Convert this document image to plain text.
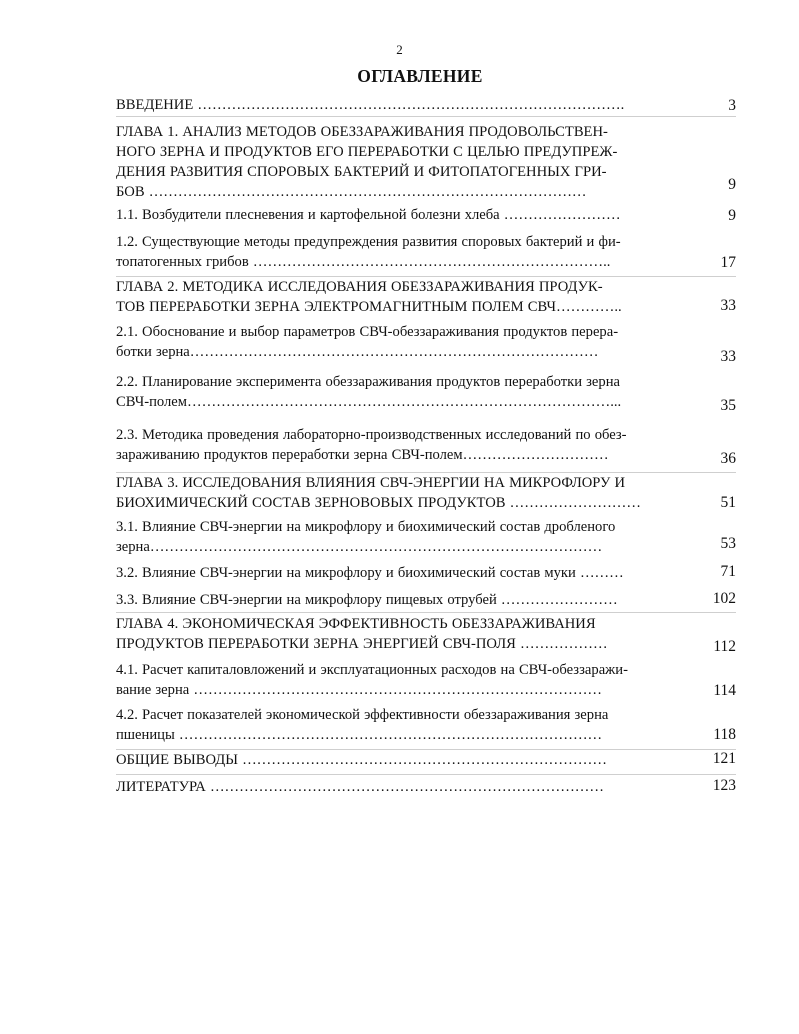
2
ОГЛАВЛЕНИЕ
ВВЕДЕНИЕ …………………………………………………………………………….	3
ГЛАВА 1. АНАЛИЗ МЕТОДОВ ОБЕЗЗАРАЖИВАНИЯ ПРОДОВОЛЬСТВЕН-
НОГО ЗЕРНА И ПРОДУКТОВ ЕГО ПЕРЕРАБОТКИ С ЦЕЛЬЮ ПРЕДУПРЕЖ-
ДЕНИЯ РАЗВИТИЯ СПОРОВЫХ БАКТЕРИЙ И ФИТОПАТОГЕННЫХ ГРИ-
БОВ ………………………………………………………………………………	9
1.1. Возбудители плесневения и картофельной болезни хлеба ……………………	9
1.2. Существующие методы предупреждения развития споровых бактерий и фи-
топатогенных грибов ………………………………………………………………..	17
ГЛАВА 2. МЕТОДИКА ИССЛЕДОВАНИЯ ОБЕЗЗАРАЖИВАНИЯ ПРОДУК-
ТОВ ПЕРЕРАБОТКИ ЗЕРНА ЭЛЕКТРОМАГНИТНЫМ ПОЛЕМ СВЧ…………..	33
2.1. Обоснование и выбор параметров СВЧ-обеззараживания продуктов перера-
ботки зерна…………………………………………………………………………	33
2.2. Планирование эксперимента обеззараживания продуктов переработки зерна
СВЧ-полем……………………………………………………………………………...	35
2.3. Методика проведения лабораторно-производственных исследований по обез-
зараживанию продуктов переработки зерна СВЧ-полем…………………………	36
ГЛАВА 3. ИССЛЕДОВАНИЯ ВЛИЯНИЯ СВЧ-ЭНЕРГИИ НА МИКРОФЛОРУ И
БИОХИМИЧЕСКИЙ СОСТАВ ЗЕРНОВОВЫХ ПРОДУКТОВ ………………………	51
3.1. Влияние СВЧ-энергии на микрофлору и биохимический состав дробленого
зерна…………………………………………………………………………………	53
3.2. Влияние СВЧ-энергии на микрофлору и биохимический состав муки ………	71
3.3. Влияние СВЧ-энергии на микрофлору пищевых отрубей ……………………	102
ГЛАВА 4. ЭКОНОМИЧЕСКАЯ ЭФФЕКТИВНОСТЬ ОБЕЗЗАРАЖИВАНИЯ
ПРОДУКТОВ ПЕРЕРАБОТКИ ЗЕРНА ЭНЕРГИЕЙ СВЧ-ПОЛЯ ………………	112
4.1. Расчет капиталовложений и эксплуатационных расходов на СВЧ-обеззаражи-
вание зерна …………………………………………………………………………	114
4.2. Расчет показателей экономической эффективности обеззараживания зерна
пшеницы ……………………………………………………………………………	118
ОБЩИЕ ВЫВОДЫ …………………………………………………………………	121
ЛИТЕРАТУРА ………………………………………………………………………	123
